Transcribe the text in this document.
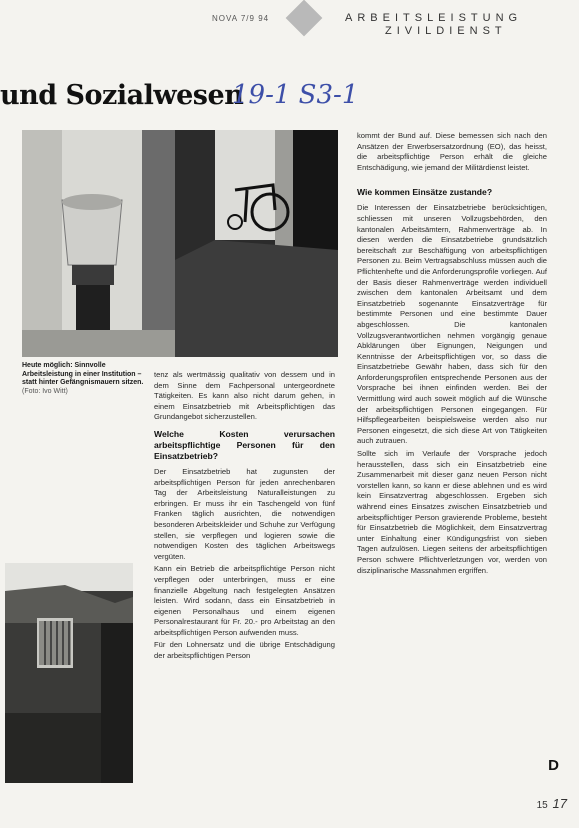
NOVA 7/9 94	ARBEITSLEISTUNG
ZIVILDIENST
und Sozialwesen
19-1 S3-1
Heute möglich: Sinnvolle Arbeitsleistung in einer Institution – statt hinter Gefängnismauern sitzen.
(Foto: Ivo Witt)

tenz als wertmässig qualitativ von dessem und in dem Sinne dem Fachpersonal untergeordnete Tätigkeiten. Es kann also nicht darum gehen, in einem Einsatzbetrieb mit Arbeitspflichtigen das Grundangebot sicherzustellen.

Welche Kosten verursachen arbeitspflichtige Personen für den Einsatzbetrieb?

Der Einsatzbetrieb hat zugunsten der arbeitspflichtigen Person für jeden anrechenbaren Tag der Arbeitsleistung Naturalleistungen zu erbringen. Er muss ihr ein Taschengeld von fünf Franken täglich ausrichten, die notwendigen besonderen Arbeitskleider und Schuhe zur Verfügung stellen, sie verpflegen und logieren sowie die notwendigen Kosten des täglichen Arbeitswegs vergüten.

Kann ein Betrieb die arbeitspflichtige Person nicht verpflegen oder unterbringen, muss er eine finanzielle Abgeltung nach festgelegten Ansätzen leisten. Wird sodann, dass ein Einsatzbetrieb in eigenen Personalhaus und einem eigenen Personalrestaurant für Fr. 20.- pro Arbeitstag an den arbeitspflichtigen Person aufwenden muss.

Für den Lohnersatz und die übrige Entschädigung der arbeitspflichtigen Person

kommt der Bund auf. Diese bemessen sich nach den Ansätzen der Erwerbsersatzordnung (EO), das heisst, die arbeitspflichtige Person erhält die gleiche Entschädigung, wie jemand der Militärdienst leistet.

Wie kommen Einsätze zustande?

Die Interessen der Einsatzbetriebe berücksichtigen, schliessen mit unseren Vollzugsbehörden, den kantonalen Arbeitsämtern, Rahmenverträge ab. In diesen werden die Einsatzbetriebe grundsätzlich bereitschaft zur Beschäftigung von arbeitspflichtigen Personen zu. Beim Vertragsabschluss müssen auch die Pflichtenhefte und die Anforderungsprofile vorliegen. Auf der Basis dieser Rahmenverträge werden individuell zwischen dem kantonalen Arbeitsamt und dem Einsatzbetrieb sogenannte Einsatzverträge für bestimmte Personen und eine bestimmte Dauer abgeschlossen. Die kantonalen Vollzugsverantwortlichen nehmen vorgängig genaue Abklärungen über Eignungen, Neigungen und Kenntnisse der Arbeitspflichtigen vor, so dass die Einsatzbetriebe Gewähr haben, dass sich für den Anforderungsprofilen entsprechende Personen aus der Vorsprache bei ihnen einfinden werden. Bei der Vermittlung wird auch soweit möglich auf die Wünsche der arbeitspflichtigen Personen eingegangen. Für Hilfspflegearbeiten beispielsweise werden also nur Personen eingesetzt, die sich diese Art von Tätigkeiten auch zutrauen.

Sollte sich im Verlaufe der Vorsprache jedoch herausstellen, dass sich ein Einsatzbetrieb eine Zusammenarbeit mit dieser ganz neuen Person nicht vorstellen kann, so kann er diese ablehnen und es wird kein Einsatzvertrag abgeschlossen. Ergeben sich während eines Einsatzes zwischen Einsatzbetrieb und arbeitspflichtiger Person gravierende Probleme, besteht für Einsatzbetrieb die Möglichkeit, dem Einsatzvertrag unter Einhaltung einer Kündigungsfrist von sieben Tagen aufzulösen. Liegen seitens der arbeitspflichtigen Person schwere Pflichtverletzungen vor, werden von disziplinarische Massnahmen ergriffen.

D
15 17
